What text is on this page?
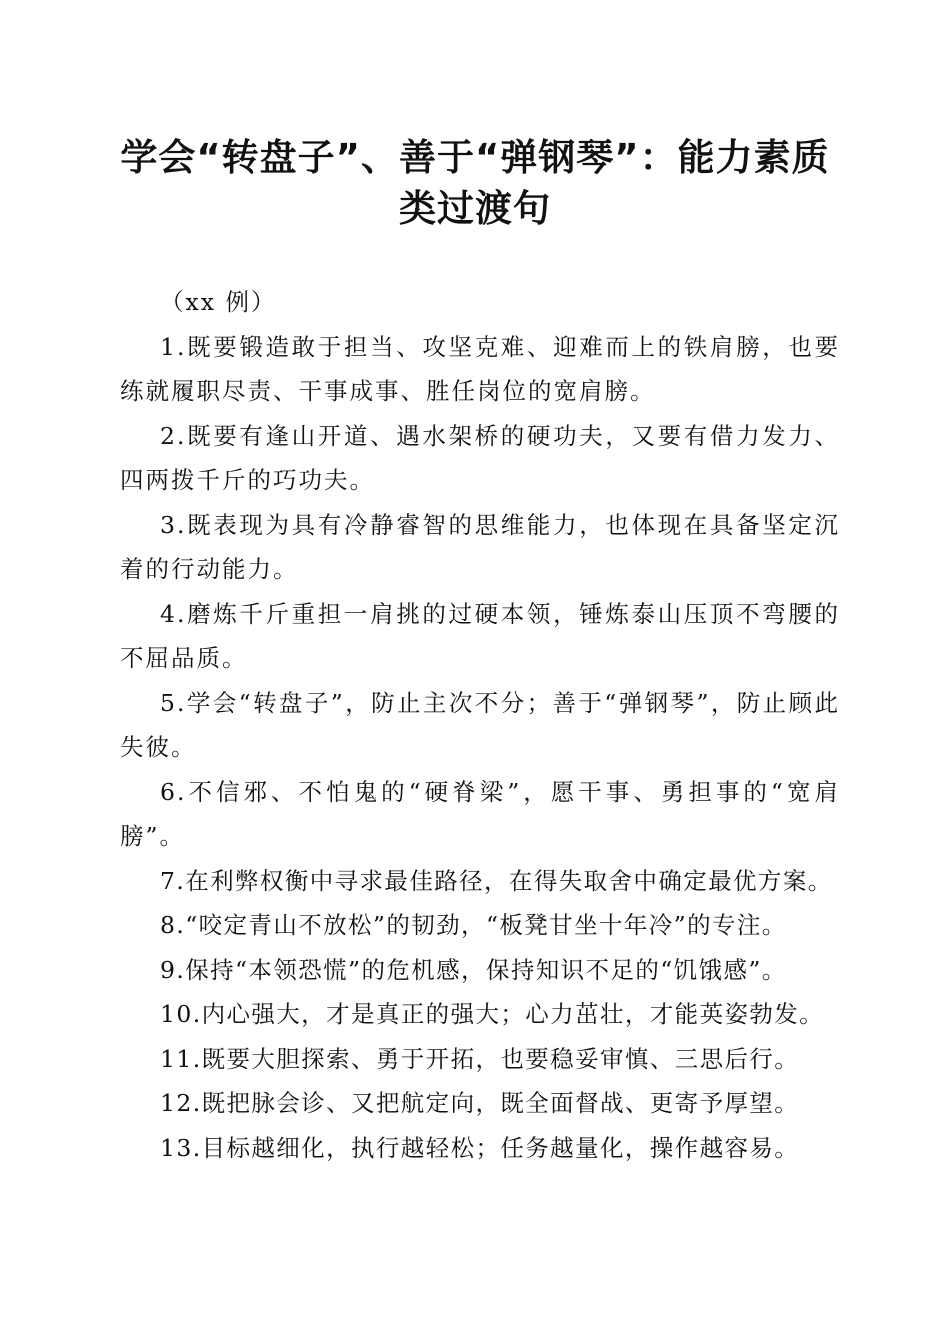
学会“转盘子”、善于“弹钢琴”：能力素质
类过渡句

（xx 例）

1.既要锻造敢于担当、攻坚克难、迎难而上的铁肩膀，也要练就履职尽责、干事成事、胜任岗位的宽肩膀。

2.既要有逢山开道、遇水架桥的硬功夫，又要有借力发力、四两拨千斤的巧功夫。

3.既表现为具有冷静睿智的思维能力，也体现在具备坚定沉着的行动能力。

4.磨炼千斤重担一肩挑的过硬本领，锤炼泰山压顶不弯腰的不屈品质。

5.学会“转盘子”，防止主次不分；善于“弹钢琴”，防止顾此失彼。

6.不信邪、不怕鬼的“硬脊梁”，愿干事、勇担事的“宽肩膀”。

7.在利弊权衡中寻求最佳路径，在得失取舍中确定最优方案。

8.“咬定青山不放松”的韧劲，“板凳甘坐十年冷”的专注。

9.保持“本领恐慌”的危机感，保持知识不足的“饥饿感”。

10.内心强大，才是真正的强大；心力茁壮，才能英姿勃发。

11.既要大胆探索、勇于开拓，也要稳妥审慎、三思后行。

12.既把脉会诊、又把航定向，既全面督战、更寄予厚望。

13.目标越细化，执行越轻松；任务越量化，操作越容易。
